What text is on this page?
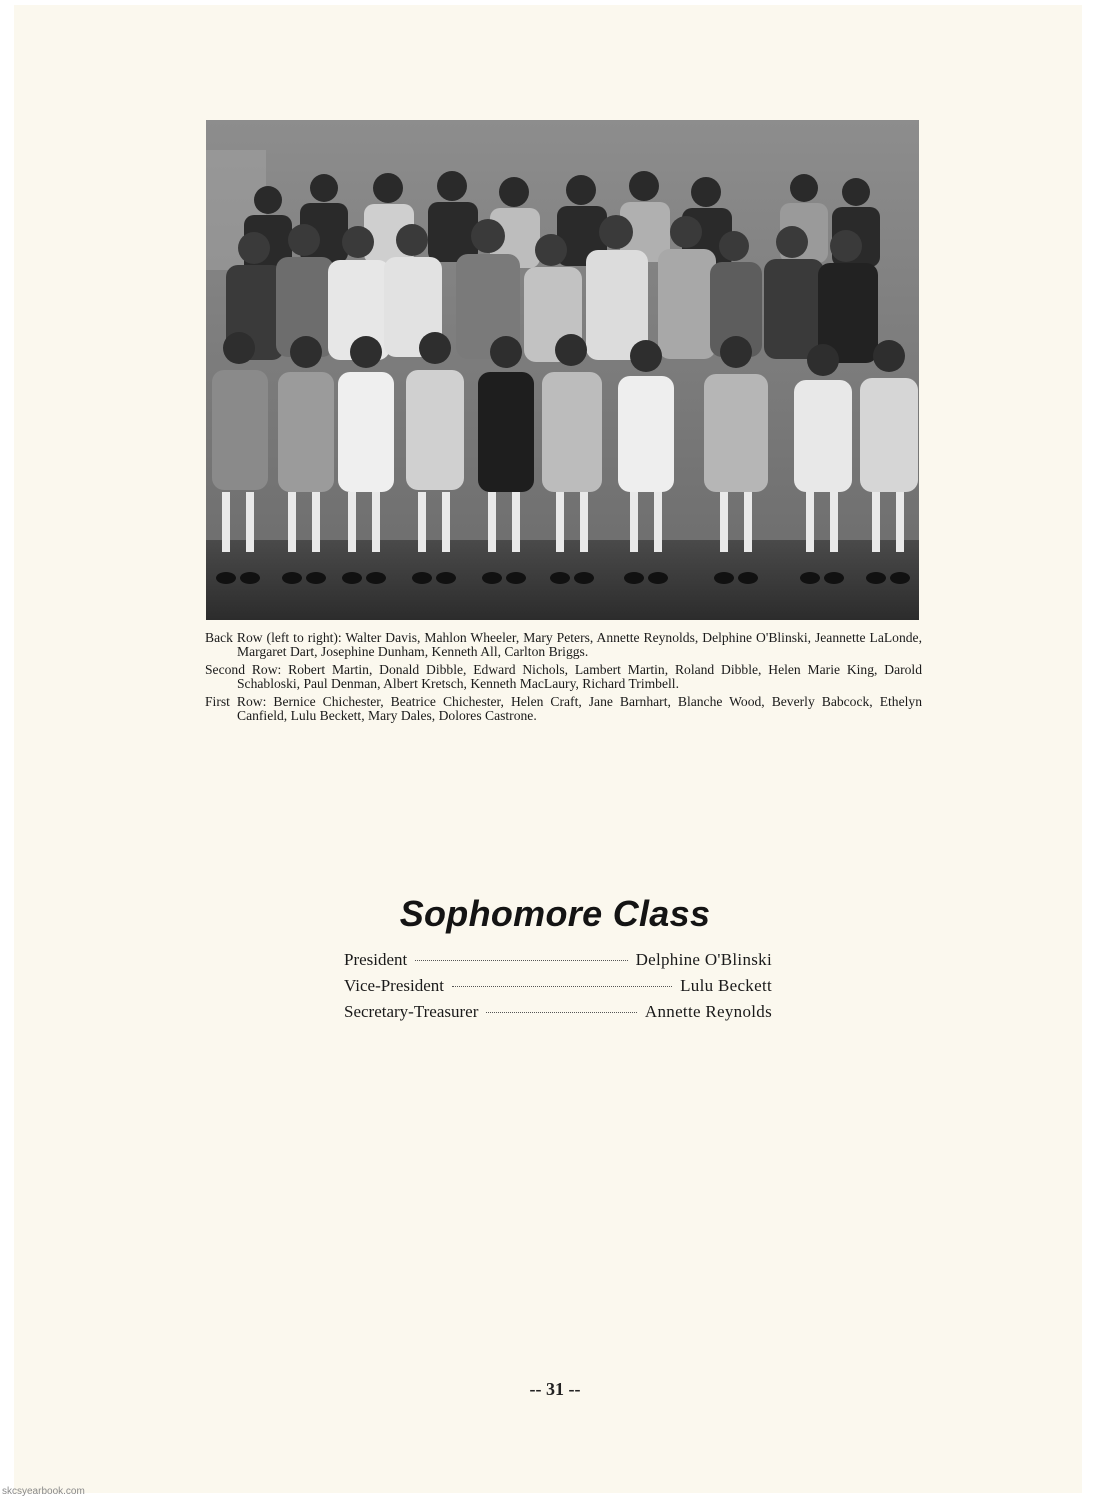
Back Row (left to right): Walter Davis, Mahlon Wheeler, Mary Peters, Annette Reynolds, Delphine O'Blinski, Jeannette LaLonde, Margaret Dart, Josephine Dunham, Kenneth All, Carlton Briggs.

Second Row: Robert Martin, Donald Dibble, Edward Nichols, Lambert Martin, Roland Dibble, Helen Marie King, Darold Schabloski, Paul Denman, Albert Kretsch, Kenneth MacLaury, Richard Trimbell.

First Row: Bernice Chichester, Beatrice Chichester, Helen Craft, Jane Barnhart, Blanche Wood, Beverly Babcock, Ethelyn Canfield, Lulu Beckett, Mary Dales, Dolores Castrone.

Sophomore Class
President	Delphine O'Blinski
Vice-President	Lulu Beckett
Secretary-Treasurer	Annette Reynolds
-- 31 --
skcsyearbook.com
